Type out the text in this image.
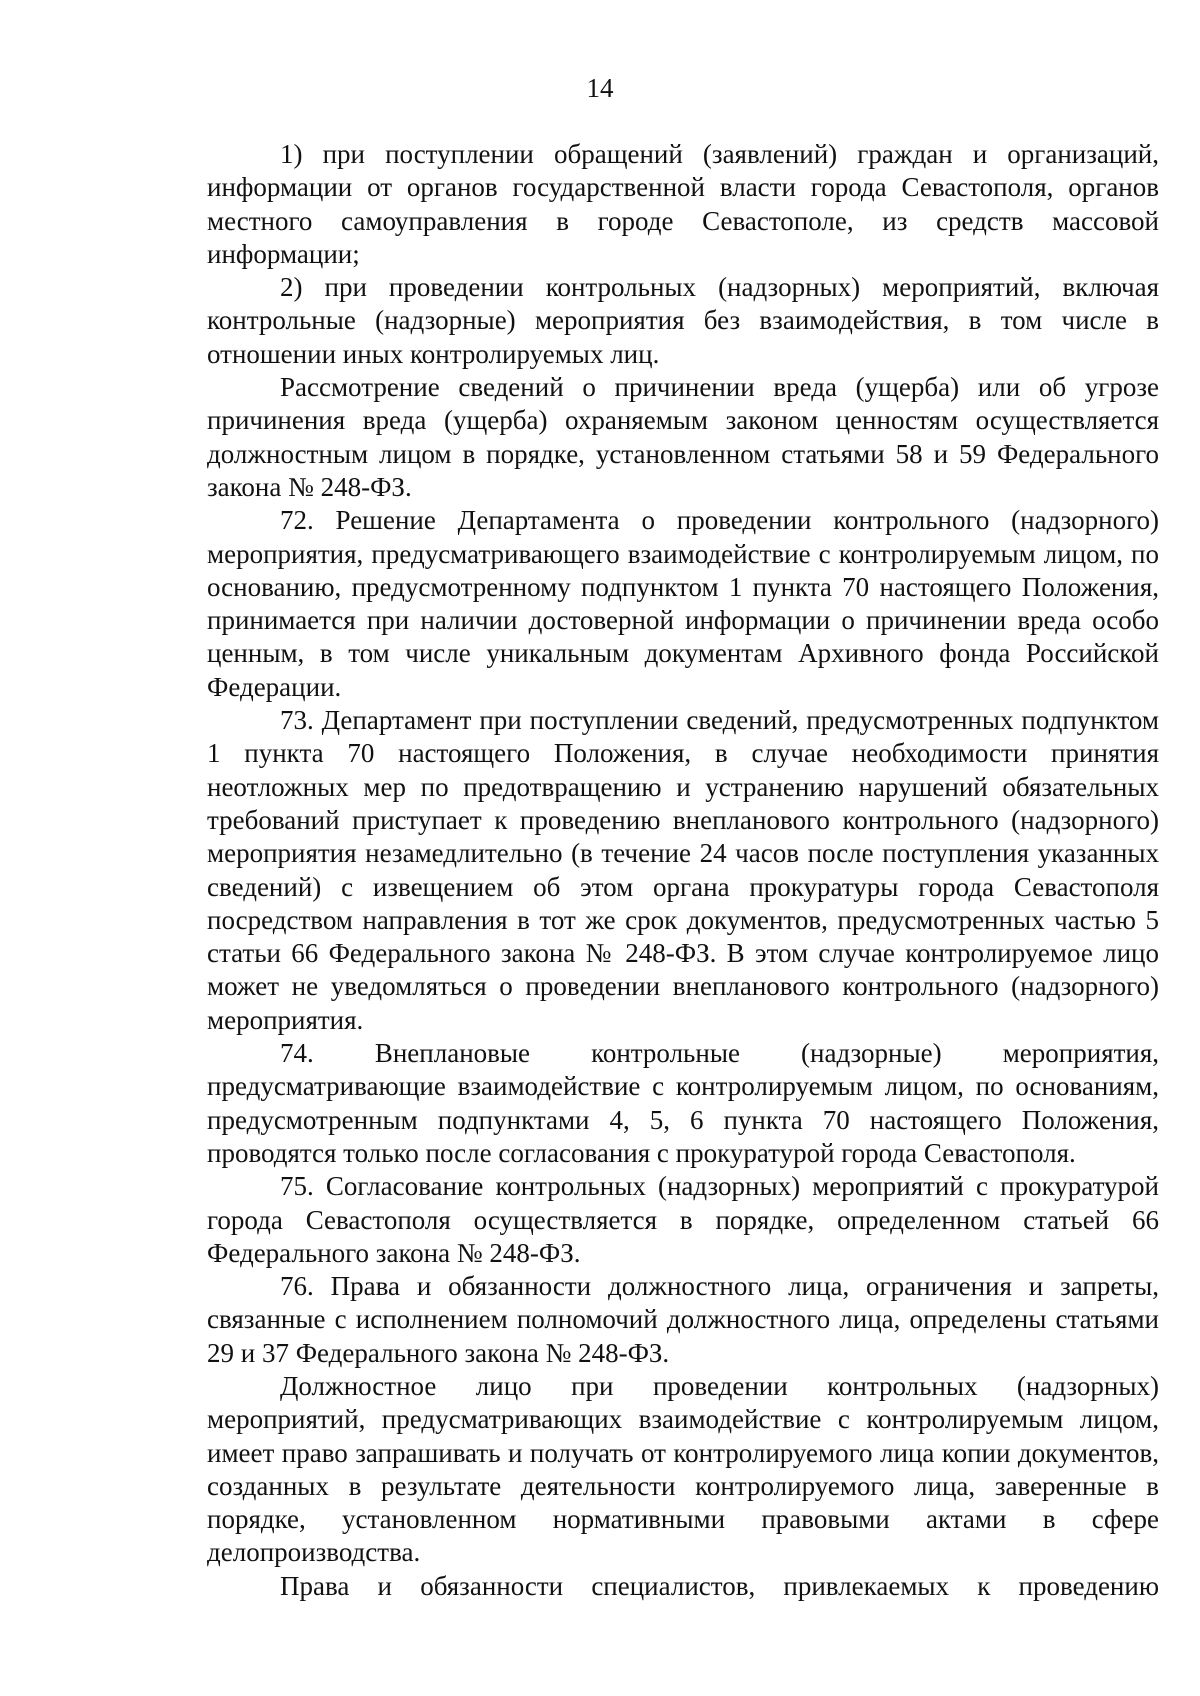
14

1) при поступлении обращений (заявлений) граждан и организаций, информации от органов государственной власти города Севастополя, органов местного самоуправления в городе Севастополе, из средств массовой информации;

2) при проведении контрольных (надзорных) мероприятий, включая контрольные (надзорные) мероприятия без взаимодействия, в том числе в отношении иных контролируемых лиц.

Рассмотрение сведений о причинении вреда (ущерба) или об угрозе причинения вреда (ущерба) охраняемым законом ценностям осуществляется должностным лицом в порядке, установленном статьями 58 и 59 Федерального закона № 248-ФЗ.

72. Решение Департамента о проведении контрольного (надзорного) мероприятия, предусматривающего взаимодействие с контролируемым лицом, по основанию, предусмотренному подпунктом 1 пункта 70 настоящего Положения, принимается при наличии достоверной информации о причинении вреда особо ценным, в том числе уникальным документам Архивного фонда Российской Федерации.

73. Департамент при поступлении сведений, предусмотренных подпунктом 1 пункта 70 настоящего Положения, в случае необходимости принятия неотложных мер по предотвращению и устранению нарушений обязательных требований приступает к проведению внепланового контрольного (надзорного) мероприятия незамедлительно (в течение 24 часов после поступления указанных сведений) с извещением об этом органа прокуратуры города Севастополя посредством направления в тот же срок документов, предусмотренных частью 5 статьи 66 Федерального закона № 248-ФЗ. В этом случае контролируемое лицо может не уведомляться о проведении внепланового контрольного (надзорного) мероприятия.

74. Внеплановые контрольные (надзорные) мероприятия, предусматривающие взаимодействие с контролируемым лицом, по основаниям, предусмотренным подпунктами 4, 5, 6 пункта 70 настоящего Положения, проводятся только после согласования с прокуратурой города Севастополя.

75. Согласование контрольных (надзорных) мероприятий с прокуратурой города Севастополя осуществляется в порядке, определенном статьей 66 Федерального закона № 248-ФЗ.

76. Права и обязанности должностного лица, ограничения и запреты, связанные с исполнением полномочий должностного лица, определены статьями 29 и 37 Федерального закона № 248-ФЗ.

Должностное лицо при проведении контрольных (надзорных) мероприятий, предусматривающих взаимодействие с контролируемым лицом, имеет право запрашивать и получать от контролируемого лица копии документов, созданных в результате деятельности контролируемого лица, заверенные в порядке, установленном нормативными правовыми актами в сфере делопроизводства.

Права и обязанности специалистов, привлекаемых к проведению
